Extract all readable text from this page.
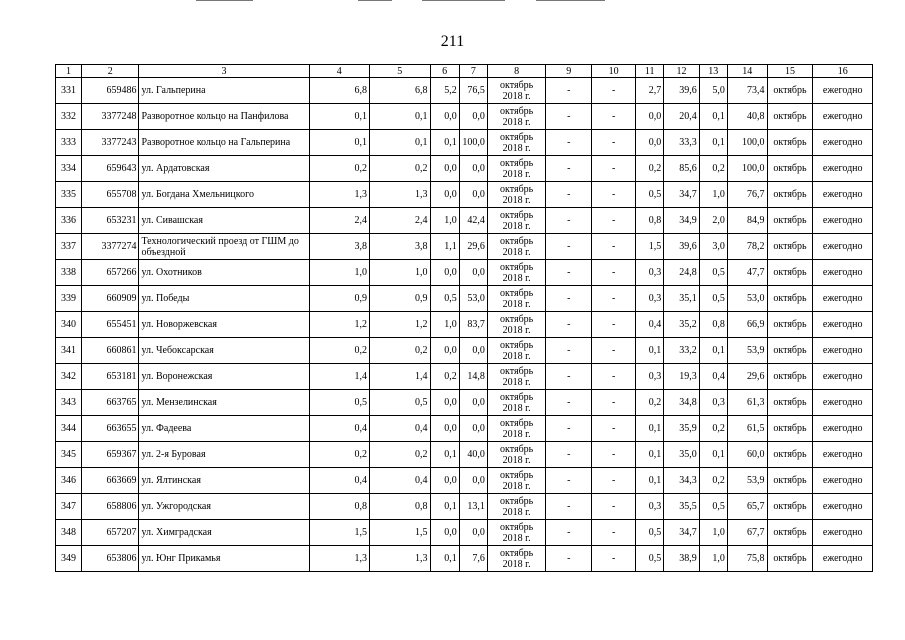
211
1	2	3	4	5	6	7	8	9	10	11	12	13	14	15	16
331	659486	ул. Гальперина	6,8	6,8	5,2	76,5	октябрь 2018 г.	-	-	2,7	39,6	5,0	73,4	октябрь	ежегодно
332	3377248	Разворотное кольцо на Панфилова	0,1	0,1	0,0	0,0	октябрь 2018 г.	-	-	0,0	20,4	0,1	40,8	октябрь	ежегодно
333	3377243	Разворотное кольцо на Гальперина	0,1	0,1	0,1	100,0	октябрь 2018 г.	-	-	0,0	33,3	0,1	100,0	октябрь	ежегодно
334	659643	ул. Ардатовская	0,2	0,2	0,0	0,0	октябрь 2018 г.	-	-	0,2	85,6	0,2	100,0	октябрь	ежегодно
335	655708	ул. Богдана Хмельницкого	1,3	1,3	0,0	0,0	октябрь 2018 г.	-	-	0,5	34,7	1,0	76,7	октябрь	ежегодно
336	653231	ул. Сивашская	2,4	2,4	1,0	42,4	октябрь 2018 г.	-	-	0,8	34,9	2,0	84,9	октябрь	ежегодно
337	3377274	Технологический проезд от ГШМ до объездной	3,8	3,8	1,1	29,6	октябрь 2018 г.	-	-	1,5	39,6	3,0	78,2	октябрь	ежегодно
338	657266	ул. Охотников	1,0	1,0	0,0	0,0	октябрь 2018 г.	-	-	0,3	24,8	0,5	47,7	октябрь	ежегодно
339	660909	ул. Победы	0,9	0,9	0,5	53,0	октябрь 2018 г.	-	-	0,3	35,1	0,5	53,0	октябрь	ежегодно
340	655451	ул. Новоржевская	1,2	1,2	1,0	83,7	октябрь 2018 г.	-	-	0,4	35,2	0,8	66,9	октябрь	ежегодно
341	660861	ул. Чебоксарская	0,2	0,2	0,0	0,0	октябрь 2018 г.	-	-	0,1	33,2	0,1	53,9	октябрь	ежегодно
342	653181	ул. Воронежская	1,4	1,4	0,2	14,8	октябрь 2018 г.	-	-	0,3	19,3	0,4	29,6	октябрь	ежегодно
343	663765	ул. Мензелинская	0,5	0,5	0,0	0,0	октябрь 2018 г.	-	-	0,2	34,8	0,3	61,3	октябрь	ежегодно
344	663655	ул. Фадеева	0,4	0,4	0,0	0,0	октябрь 2018 г.	-	-	0,1	35,9	0,2	61,5	октябрь	ежегодно
345	659367	ул. 2-я Буровая	0,2	0,2	0,1	40,0	октябрь 2018 г.	-	-	0,1	35,0	0,1	60,0	октябрь	ежегодно
346	663669	ул. Ялтинская	0,4	0,4	0,0	0,0	октябрь 2018 г.	-	-	0,1	34,3	0,2	53,9	октябрь	ежегодно
347	658806	ул. Ужгородская	0,8	0,8	0,1	13,1	октябрь 2018 г.	-	-	0,3	35,5	0,5	65,7	октябрь	ежегодно
348	657207	ул. Химградская	1,5	1,5	0,0	0,0	октябрь 2018 г.	-	-	0,5	34,7	1,0	67,7	октябрь	ежегодно
349	653806	ул. Юнг Прикамья	1,3	1,3	0,1	7,6	октябрь 2018 г.	-	-	0,5	38,9	1,0	75,8	октябрь	ежегодно
